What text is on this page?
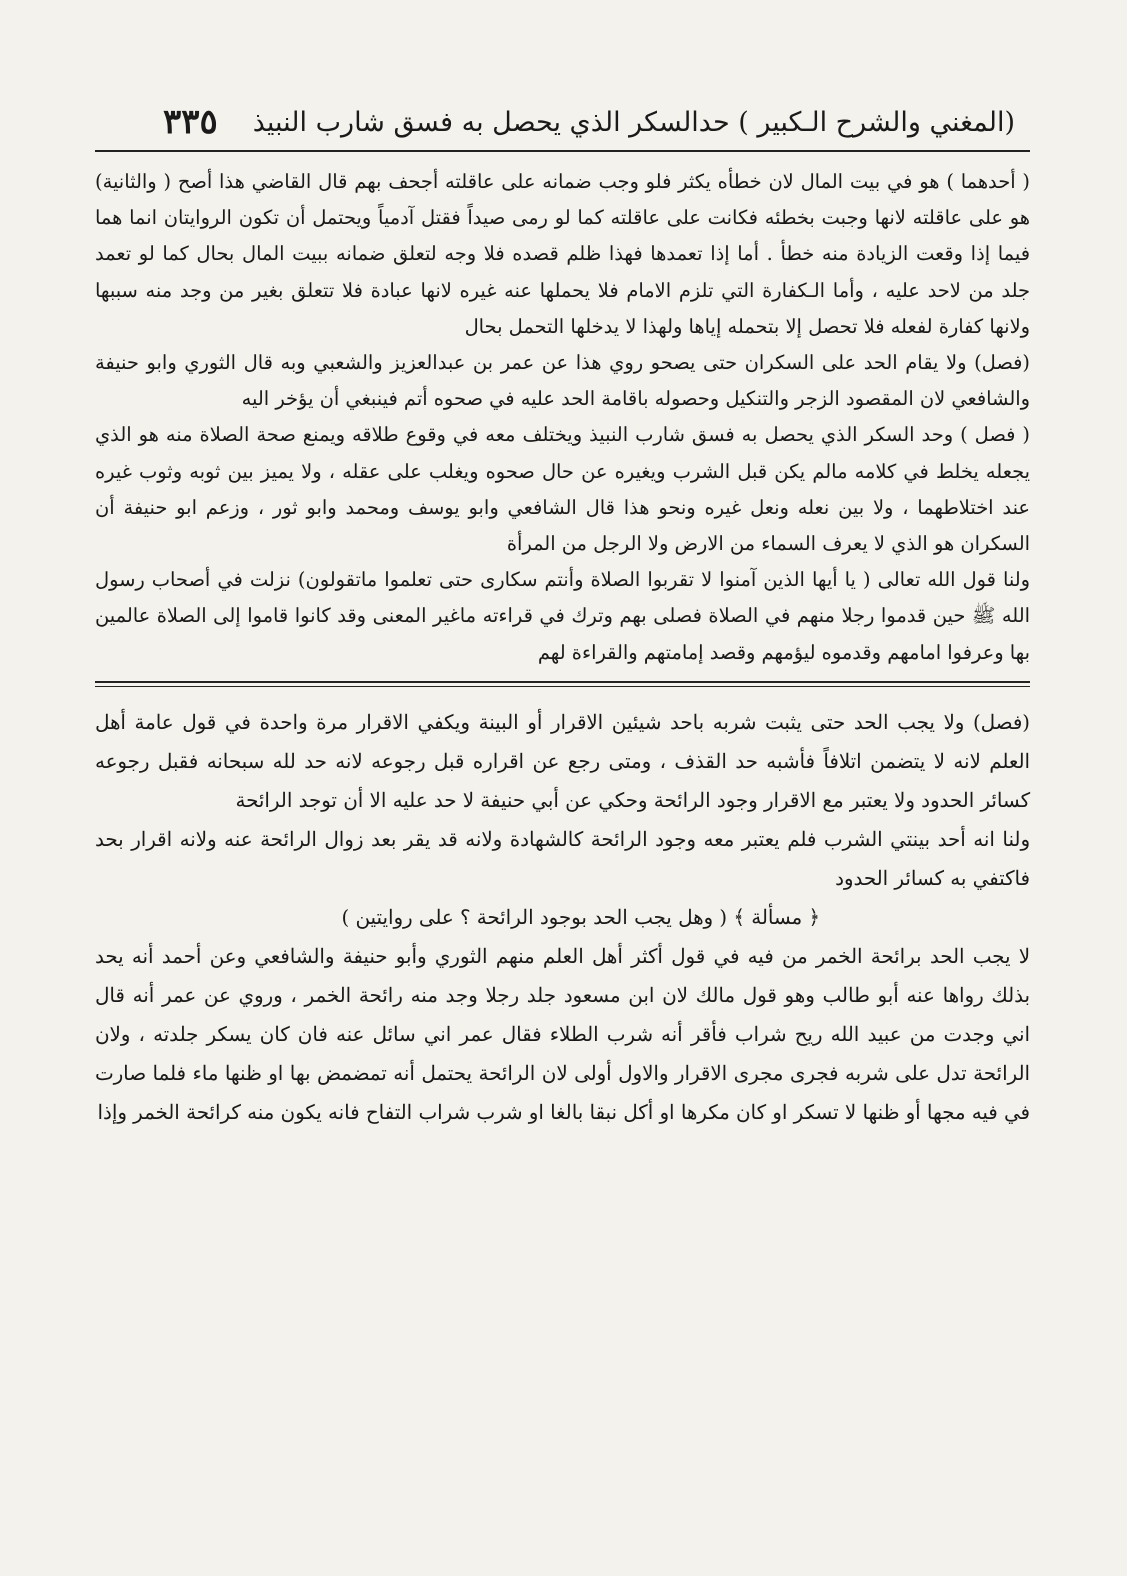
(المغني والشرح الـكبير ) حدالسكر الذي يحصل به فسق شارب النبيذ
٣٣٥

( أحدهما ) هو في بيت المال لان خطأه يكثر فلو وجب ضمانه على عاقلته أجحف بهم قال القاضي هذا أصح ( والثانية) هو على عاقلته لانها وجبت بخطئه فكانت على عاقلته كما لو رمى صيداً فقتل آدمياً ويحتمل أن تكون الروايتان انما هما فيما إذا وقعت الزيادة منه خطأ . أما إذا تعمدها فهذا ظلم قصده فلا وجه لتعلق ضمانه ببيت المال بحال كما لو تعمد جلد من لاحد عليه ، وأما الـكفارة التي تلزم الامام فلا يحملها عنه غيره لانها عبادة فلا تتعلق بغير من وجد منه سببها ولانها كفارة لفعله فلا تحصل إلا بتحمله إياها ولهذا لا يدخلها التحمل بحال

(فصل) ولا يقام الحد على السكران حتى يصحو روي هذا عن عمر بن عبدالعزيز والشعبي وبه قال الثوري وابو حنيفة والشافعي لان المقصود الزجر والتنكيل وحصوله باقامة الحد عليه في صحوه أتم فينبغي أن يؤخر اليه

( فصل ) وحد السكر الذي يحصل به فسق شارب النبيذ ويختلف معه في وقوع طلاقه ويمنع صحة الصلاة منه هو الذي يجعله يخلط في كلامه مالم يكن قبل الشرب ويغيره عن حال صحوه ويغلب على عقله ، ولا يميز بين ثوبه وثوب غيره عند اختلاطهما ، ولا بين نعله ونعل غيره ونحو هذا قال الشافعي وابو يوسف ومحمد وابو ثور ، وزعم ابو حنيفة أن السكران هو الذي لا يعرف السماء من الارض ولا الرجل من المرأة

ولنا قول الله تعالى ( يا أيها الذين آمنوا لا تقربوا الصلاة وأنتم سكارى حتى تعلموا ماتقولون) نزلت في أصحاب رسول الله ﷺ حين قدموا رجلا منهم في الصلاة فصلى بهم وترك في قراءته ماغير المعنى وقد كانوا قاموا إلى الصلاة عالمين بها وعرفوا امامهم وقدموه ليؤمهم وقصد إمامتهم والقراءة لهم

(فصل) ولا يجب الحد حتى يثبت شربه باحد شيئين الاقرار أو البينة ويكفي الاقرار مرة واحدة في قول عامة أهل العلم لانه لا يتضمن اتلافاً فأشبه حد القذف ، ومتى رجع عن اقراره قبل رجوعه لانه حد لله سبحانه فقبل رجوعه كسائر الحدود ولا يعتبر مع الاقرار وجود الرائحة وحكي عن أبي حنيفة لا حد عليه الا أن توجد الرائحة

ولنا انه أحد بينتي الشرب فلم يعتبر معه وجود الرائحة كالشهادة ولانه قد يقر بعد زوال الرائحة عنه ولانه اقرار بحد فاكتفي به كسائر الحدود

﴿ مسألة ﴾ ( وهل يجب الحد بوجود الرائحة ؟ على روايتين )

لا يجب الحد برائحة الخمر من فيه في قول أكثر أهل العلم منهم الثوري وأبو حنيفة والشافعي وعن أحمد أنه يحد بذلك رواها عنه أبو طالب وهو قول مالك لان ابن مسعود جلد رجلا وجد منه رائحة الخمر ، وروي عن عمر أنه قال اني وجدت من عبيد الله ريح شراب فأقر أنه شرب الطلاء فقال عمر اني سائل عنه فان كان يسكر جلدته ، ولان الرائحة تدل على شربه فجرى مجرى الاقرار والاول أولى لان الرائحة يحتمل أنه تمضمض بها او ظنها ماء فلما صارت في فيه مجها أو ظنها لا تسكر او كان مكرها او أكل نبقا بالغا او شرب شراب التفاح فانه يكون منه كرائحة الخمر وإذا
